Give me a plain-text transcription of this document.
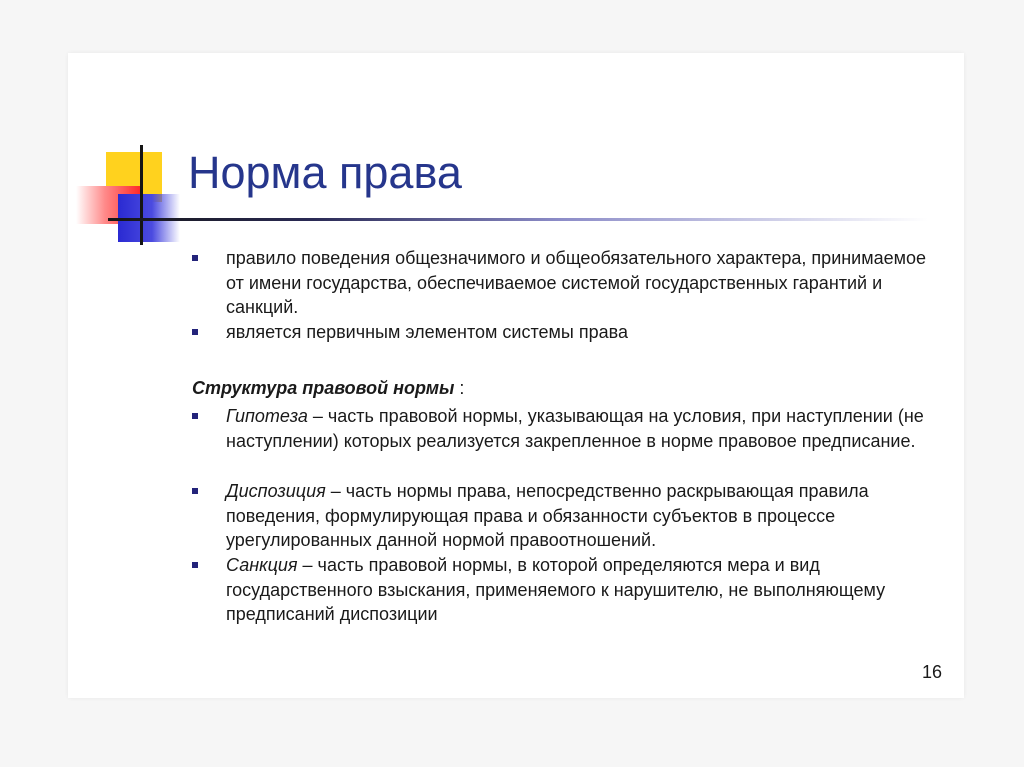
Норма права
правило поведения общезначимого и общеобязательного характера, принимаемое от имени государства, обеспечиваемое системой государственных гарантий и санкций.
является первичным элементом системы права
Структура правовой нормы :
Гипотеза – часть правовой нормы, указывающая на условия, при наступлении (не наступлении) которых реализуется закрепленное в норме правовое предписание.
Диспозиция – часть нормы права, непосредственно раскрывающая правила поведения, формулирующая права и обязанности субъектов в процессе урегулированных данной нормой правоотношений.
Санкция – часть правовой нормы, в которой определяются мера и вид государственного взыскания, применяемого к нарушителю, не выполняющему предписаний диспозиции
16
